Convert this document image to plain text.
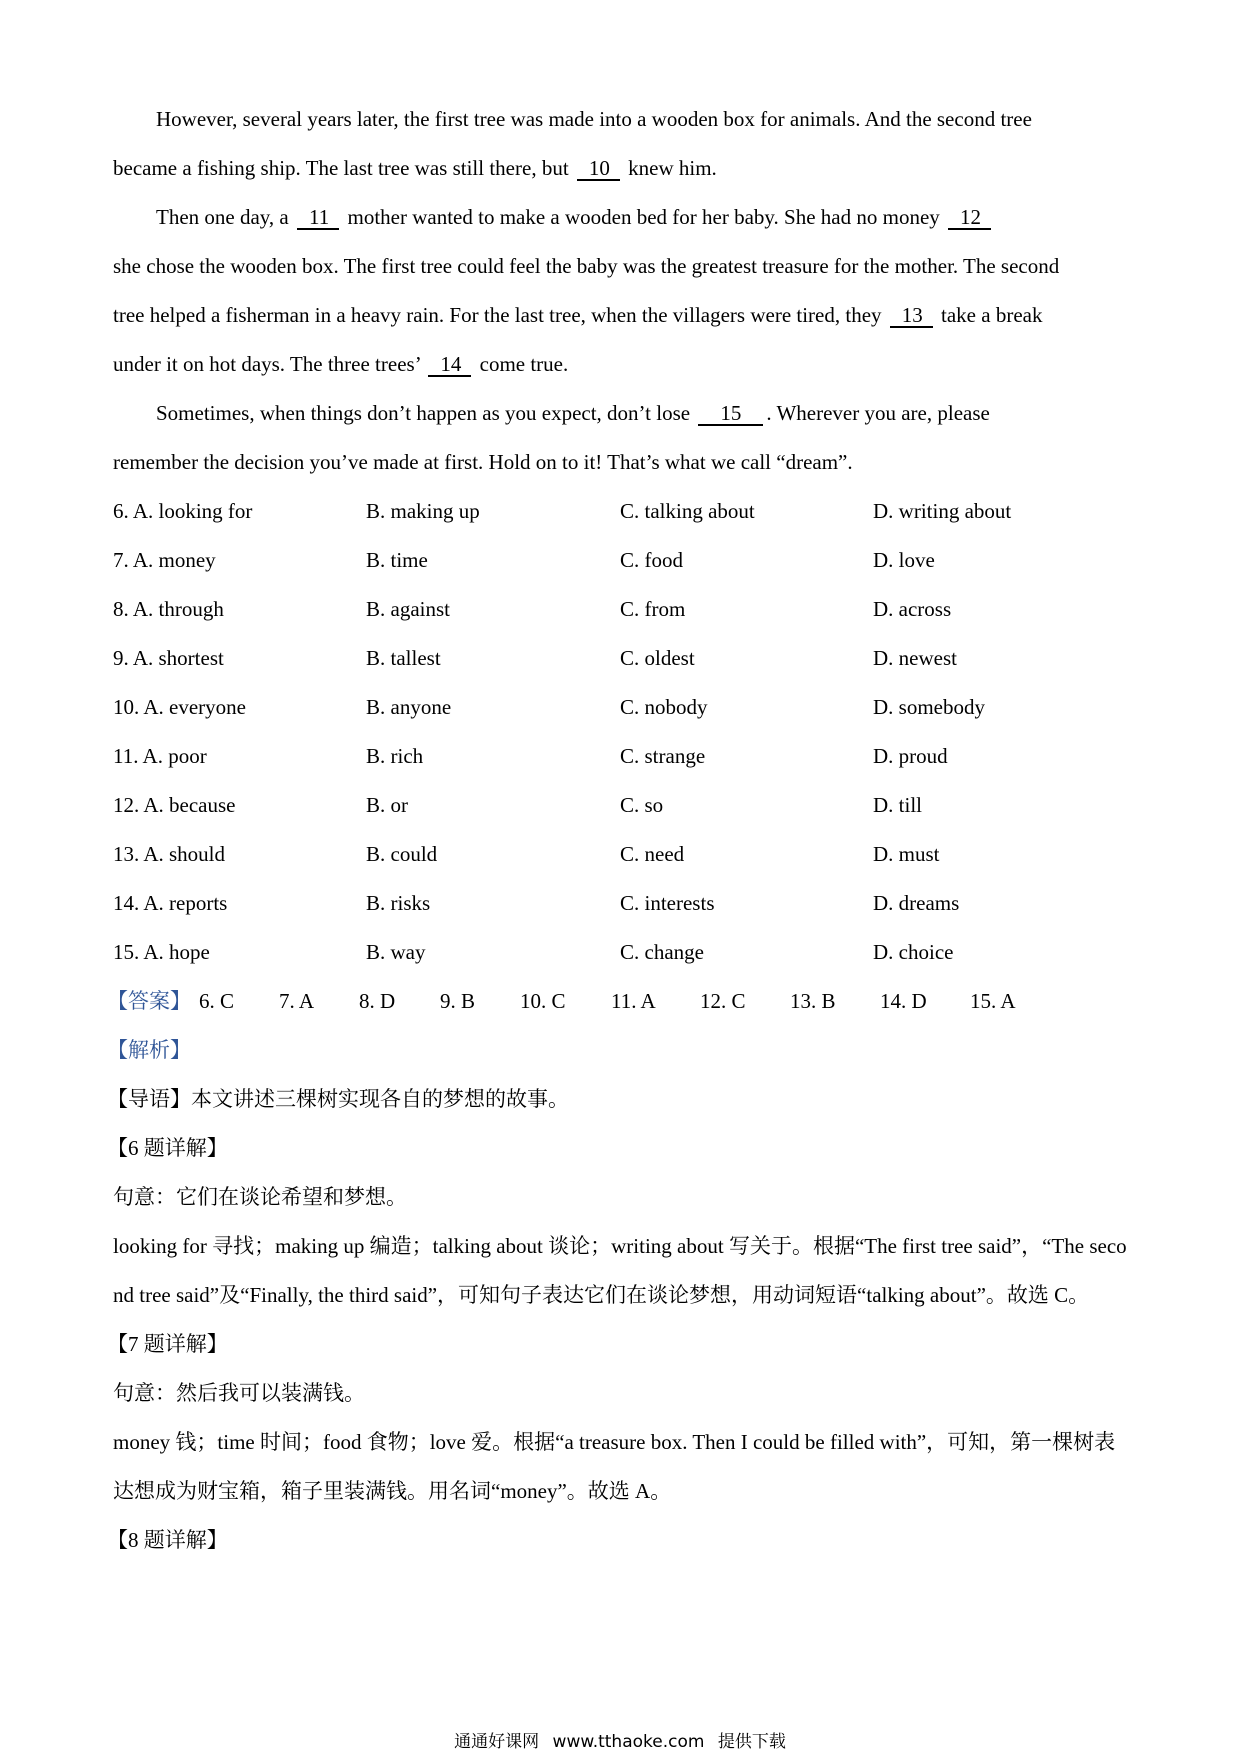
However, several years later, the first tree was made into a wooden box for animals. And the second tree
became a fishing ship. The last tree was still there, but 10 knew him.
Then one day, a 11 mother wanted to make a wooden bed for her baby. She had no money 12
she chose the wooden box. The first tree could feel the baby was the greatest treasure for the mother. The second
tree helped a fisherman in a heavy rain. For the last tree, when the villagers were tired, they 13 take a break
under it on hot days. The three trees’ 14 come true.
Sometimes, when things don’t happen as you expect, don’t lose 15 . Wherever you are, please
remember the decision you’ve made at first. Hold on to it! That’s what we call “dream”.
6. A. looking for	B. making up	C. talking about	D. writing about
7. A. money	B. time	C. food	D. love
8. A. through	B. against	C. from	D. across
9. A. shortest	B. tallest	C. oldest	D. newest
10. A. everyone	B. anyone	C. nobody	D. somebody
11. A. poor	B. rich	C. strange	D. proud
12. A. because	B. or	C. so	D. till
13. A. should	B. could	C. need	D. must
14. A. reports	B. risks	C. interests	D. dreams
15. A. hope	B. way	C. change	D. choice
【答案】 6. C 7. A 8. D 9. B 10. C 11. A 12. C 13. B 14. D 15. A
【解析】
【导语】本文讲述三棵树实现各自的梦想的故事。
【6 题详解】
句意：它们在谈论希望和梦想。
looking for 寻找；making up 编造；talking about 谈论；writing about 写关于。根据“The first tree said”，“The second tree said”及“Finally, the third said”，可知句子表达它们在谈论梦想，用动词短语“talking about”。故选 C。
【7 题详解】
句意：然后我可以装满钱。
money 钱；time 时间；food 食物；love 爱。根据“a treasure box. Then I could be filled with”，可知，第一棵树表达想成为财宝箱，箱子里装满钱。用名词“money”。故选 A。
【8 题详解】
通通好课网 www.tthaoke.com 提供下载
